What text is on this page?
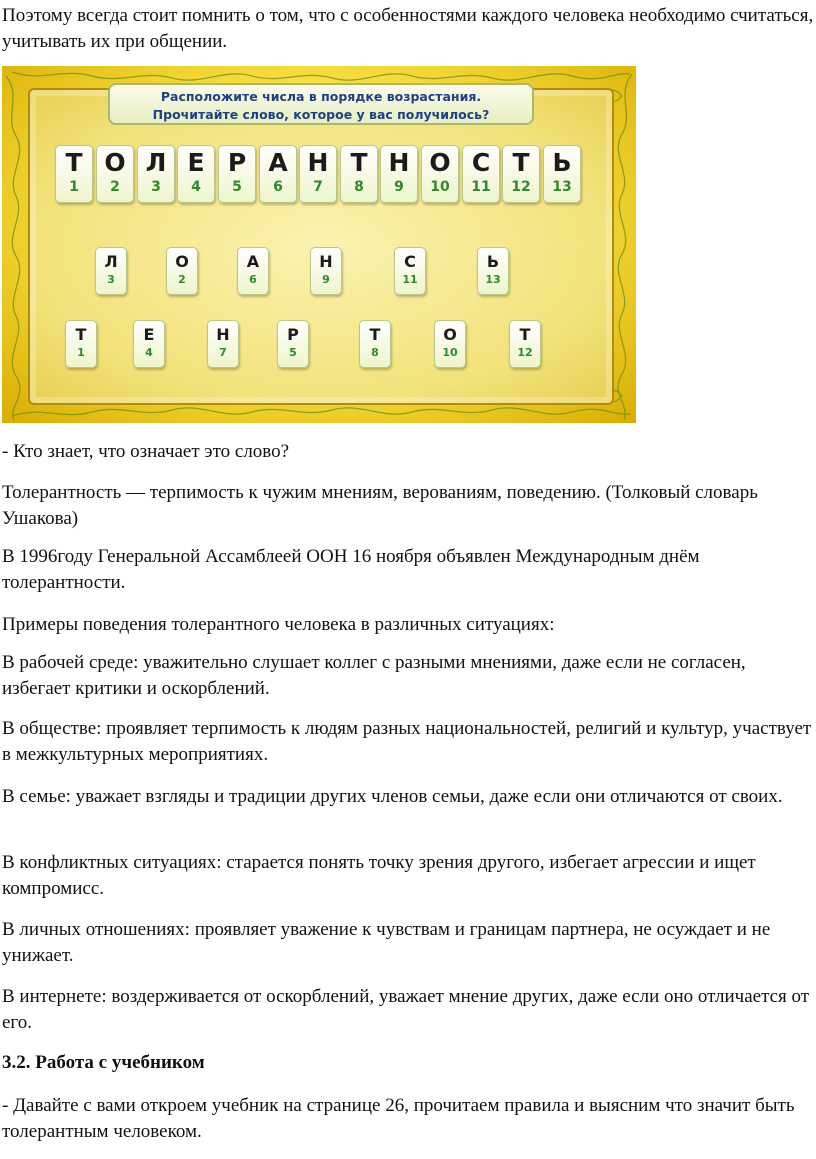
Поэтому всегда стоит помнить о том, что с особенностями каждого человека необходимо считаться, учитывать их при общении.

Расположите числа в порядке возрастания.
Прочитайте слово, которое у вас получилось?
Т
1
О
2
Л
3
Е
4
Р
5
А
6
Н
7
Т
8
Н
9
О
10
С
11
Т
12
Ь
13
Л
3
О
2
А
6
Н
9
С
11
Ь
13
Т
1
Е
4
Н
7
Р
5
Т
8
О
10
Т
12

- Кто знает, что означает это слово?

Толерантность — терпимость к чужим мнениям, верованиям, поведению. (Толковый словарь Ушакова)

В 1996году Генеральной Ассамблеей ООН 16 ноября объявлен Международным днём толерантности.

Примеры поведения толерантного человека в различных ситуациях:

В рабочей среде: уважительно слушает коллег с разными мнениями, даже если не согласен, избегает критики и оскорблений.

В обществе: проявляет терпимость к людям разных национальностей, религий и культур, участвует в межкультурных мероприятиях.

В семье: уважает взгляды и традиции других членов семьи, даже если они отличаются от своих.

В конфликтных ситуациях: старается понять точку зрения другого, избегает агрессии и ищет компромисс.

В личных отношениях: проявляет уважение к чувствам и границам партнера, не осуждает и не унижает.

В интернете: воздерживается от оскорблений, уважает мнение других, даже если оно отличается от его.

3.2. Работа с учебником

- Давайте с вами откроем учебник на странице 26, прочитаем правила и выясним что значит быть толерантным человеком.
